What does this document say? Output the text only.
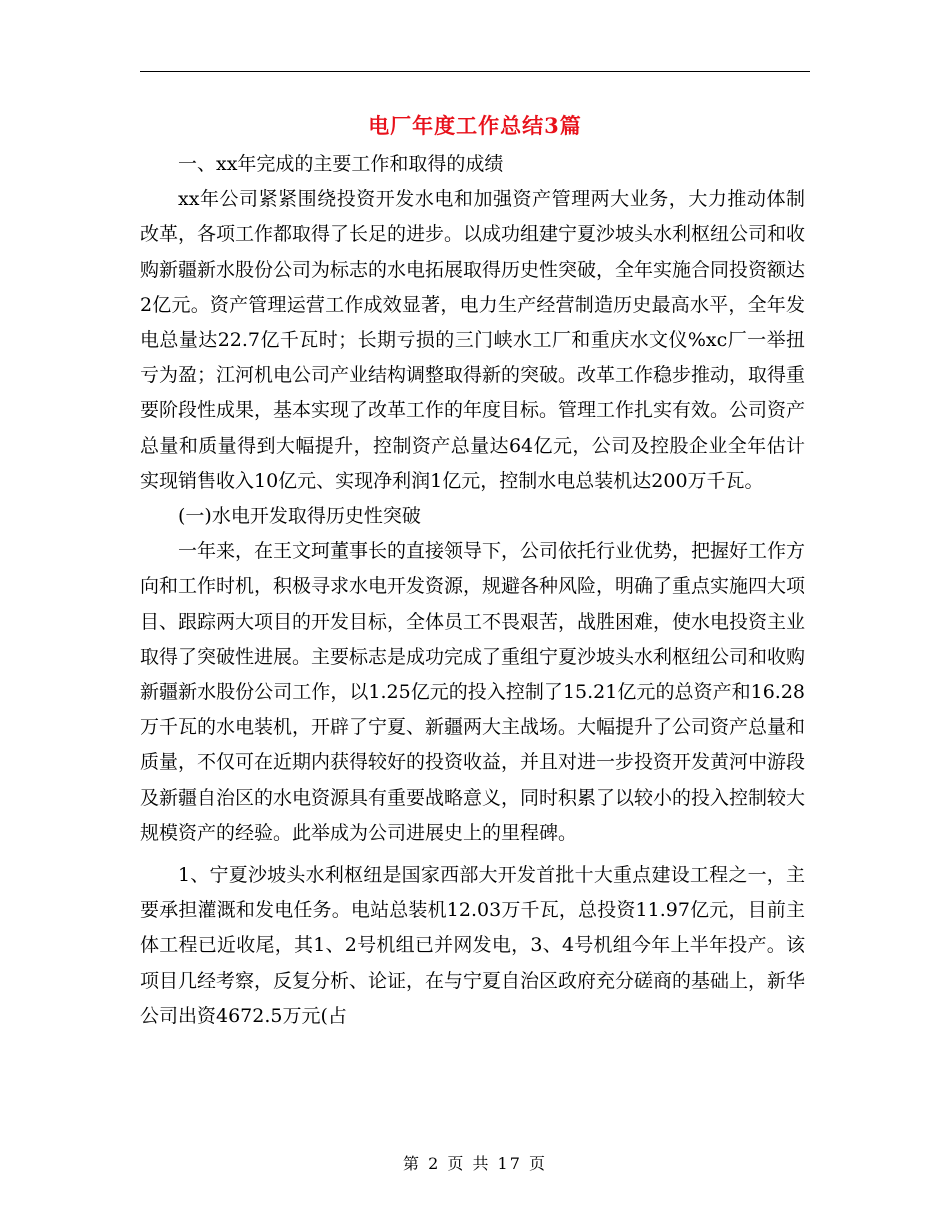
电厂年度工作总结3篇

一、xx年完成的主要工作和取得的成绩

xx年公司紧紧围绕投资开发水电和加强资产管理两大业务，大力推动体制改革，各项工作都取得了长足的进步。以成功组建宁夏沙坡头水利枢纽公司和收购新疆新水股份公司为标志的水电拓展取得历史性突破，全年实施合同投资额达2亿元。资产管理运营工作成效显著，电力生产经营制造历史最高水平，全年发电总量达22.7亿千瓦时；长期亏损的三门峡水工厂和重庆水文仪%xc厂一举扭亏为盈；江河机电公司产业结构调整取得新的突破。改革工作稳步推动，取得重要阶段性成果，基本实现了改革工作的年度目标。管理工作扎实有效。公司资产总量和质量得到大幅提升，控制资产总量达64亿元，公司及控股企业全年估计实现销售收入10亿元、实现净利润1亿元，控制水电总装机达200万千瓦。

(一)水电开发取得历史性突破

一年来，在王文珂董事长的直接领导下，公司依托行业优势，把握好工作方向和工作时机，积极寻求水电开发资源，规避各种风险，明确了重点实施四大项目、跟踪两大项目的开发目标，全体员工不畏艰苦，战胜困难，使水电投资主业取得了突破性进展。主要标志是成功完成了重组宁夏沙坡头水利枢纽公司和收购新疆新水股份公司工作，以1.25亿元的投入控制了15.21亿元的总资产和16.28万千瓦的水电装机，开辟了宁夏、新疆两大主战场。大幅提升了公司资产总量和质量，不仅可在近期内获得较好的投资收益，并且对进一步投资开发黄河中游段及新疆自治区的水电资源具有重要战略意义，同时积累了以较小的投入控制较大规模资产的经验。此举成为公司进展史上的里程碑。

1、宁夏沙坡头水利枢纽是国家西部大开发首批十大重点建设工程之一，主要承担灌溉和发电任务。电站总装机12.03万千瓦，总投资11.97亿元，目前主体工程已近收尾，其1、2号机组已并网发电，3、4号机组今年上半年投产。该项目几经考察，反复分析、论证，在与宁夏自治区政府充分磋商的基础上，新华公司出资4672.5万元(占

第 2 页 共 17 页
